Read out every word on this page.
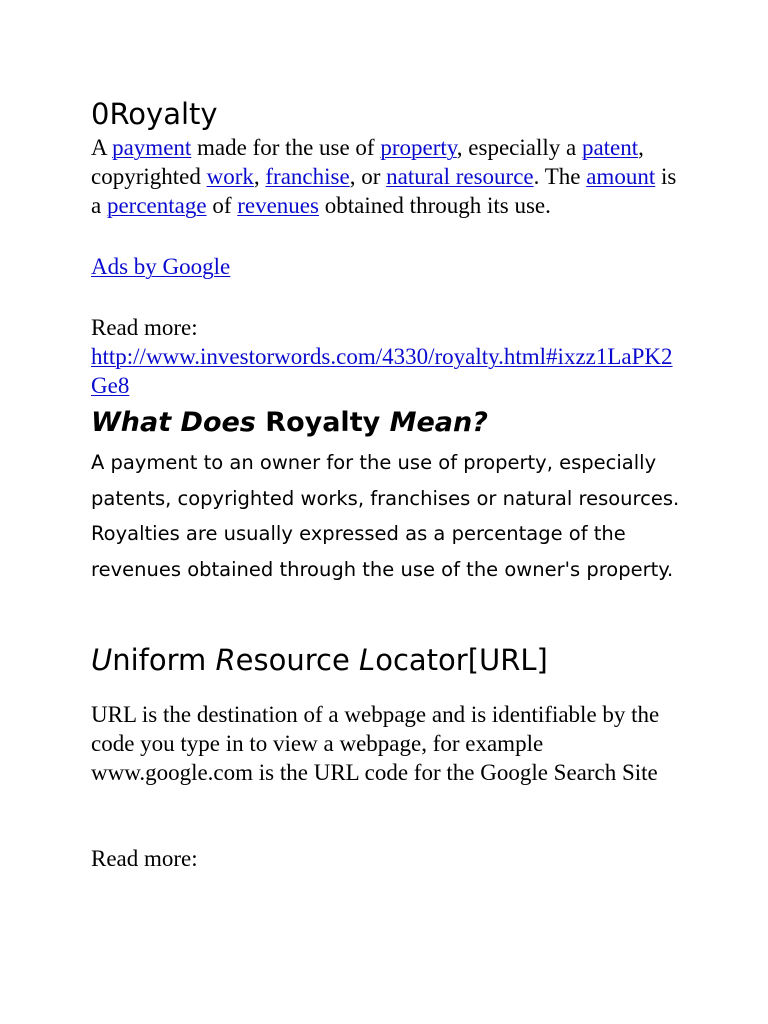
0Royalty

A payment made for the use of property, especially a patent, copyrighted work, franchise, or natural resource. The amount is a percentage of revenues obtained through its use.

Ads by Google

Read more:

http://www.investorwords.com/4330/royalty.html#ixzz1LaPK2Ge8

What Does Royalty Mean?

A payment to an owner for the use of property, especially patents, copyrighted works, franchises or natural resources. Royalties are usually expressed as a percentage of the revenues obtained through the use of the owner's property.

Uniform Resource Locator[URL]

URL is the destination of a webpage and is identifiable by the code you type in to view a webpage, for example www.google.com is the URL code for the Google Search Site

Read more:
